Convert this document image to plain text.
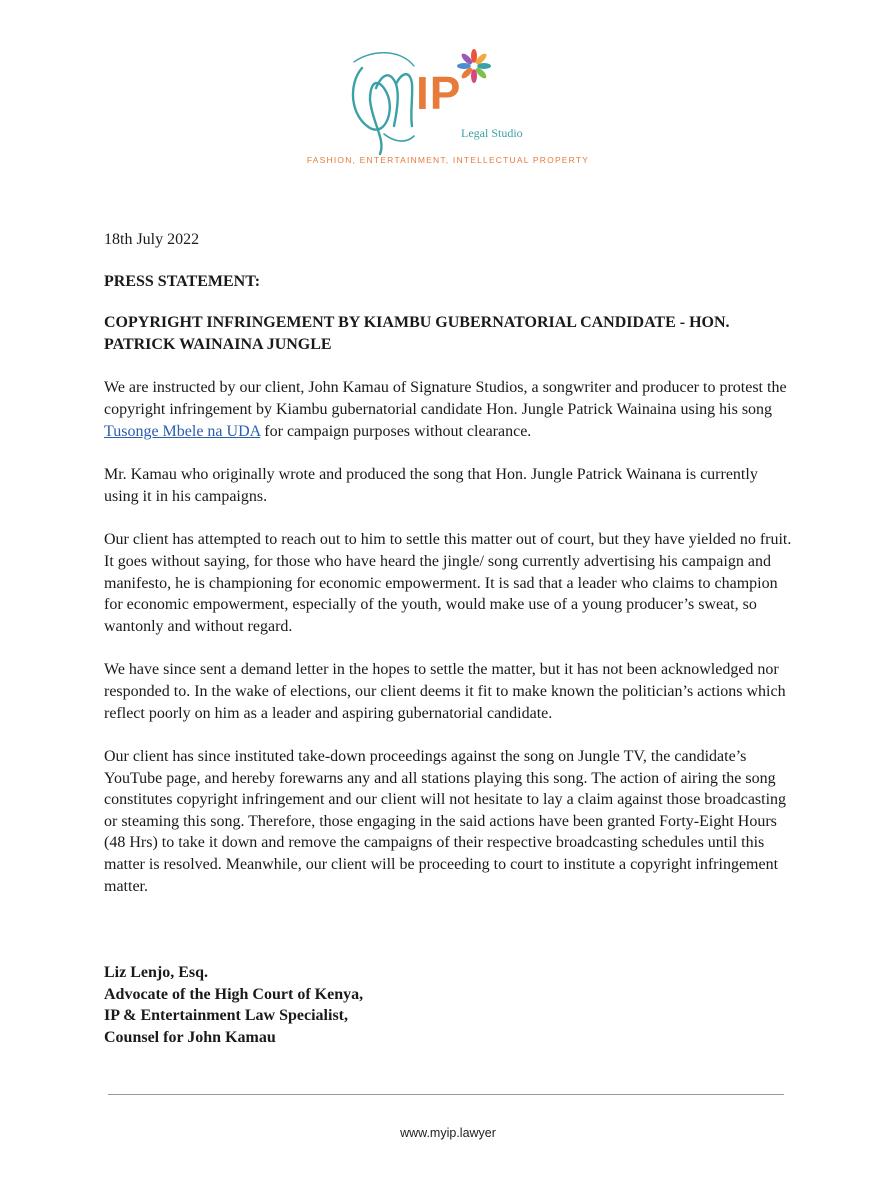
IP
Legal Studio
FASHION, ENTERTAINMENT, INTELLECTUAL PROPERTY

18th July 2022

PRESS STATEMENT:

COPYRIGHT INFRINGEMENT BY KIAMBU GUBERNATORIAL CANDIDATE - HON. PATRICK WAINAINA JUNGLE

We are instructed by our client, John Kamau of Signature Studios, a songwriter and producer to protest the copyright infringement by Kiambu gubernatorial candidate Hon. Jungle Patrick Wainaina using his song Tusonge Mbele na UDA for campaign purposes without clearance.

Mr. Kamau who originally wrote and produced the song that Hon. Jungle Patrick Wainana is currently using it in his campaigns.

Our client has attempted to reach out to him to settle this matter out of court, but they have yielded no fruit. It goes without saying, for those who have heard the jingle/ song currently advertising his campaign and manifesto, he is championing for economic empowerment. It is sad that a leader who claims to champion for economic empowerment, especially of the youth, would make use of a young producer’s sweat, so wantonly and without regard.

We have since sent a demand letter in the hopes to settle the matter, but it has not been acknowledged nor responded to. In the wake of elections, our client deems it fit to make known the politician’s actions which reflect poorly on him as a leader and aspiring gubernatorial candidate.

Our client has since instituted take-down proceedings against the song on Jungle TV, the candidate’s YouTube page, and hereby forewarns any and all stations playing this song. The action of airing the song constitutes copyright infringement and our client will not hesitate to lay a claim against those broadcasting or steaming this song. Therefore, those engaging in the said actions have been granted Forty-Eight Hours (48 Hrs) to take it down and remove the campaigns of their respective broadcasting schedules until this matter is resolved. Meanwhile, our client will be proceeding to court to institute a copyright infringement matter.

Liz Lenjo, Esq.
Advocate of the High Court of Kenya,
IP & Entertainment Law Specialist,
Counsel for John Kamau
www.myip.lawyer
